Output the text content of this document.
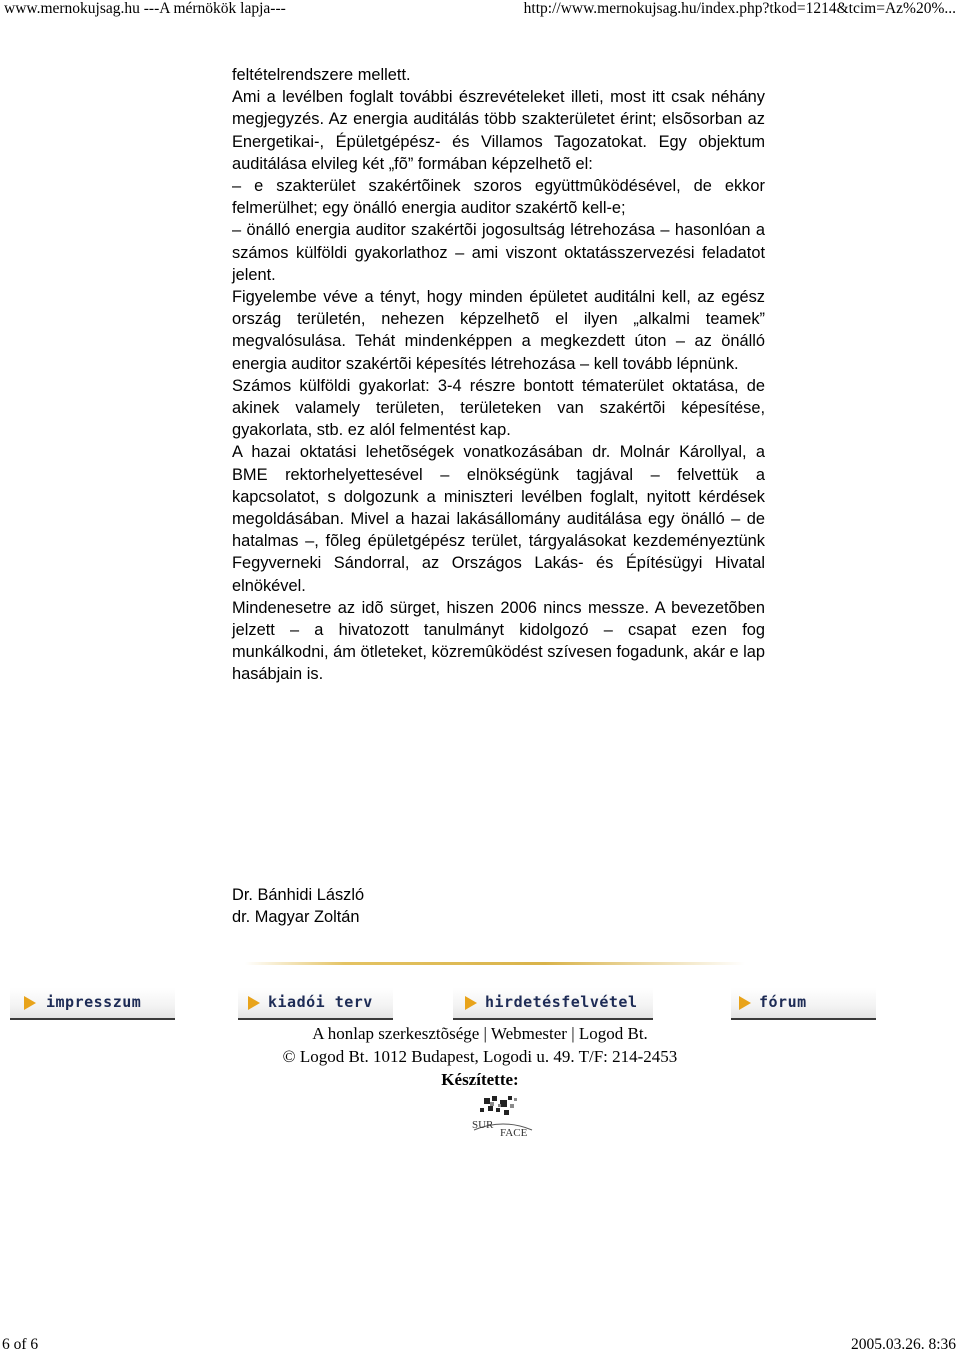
www.mernokujsag.hu ---A mérnökök lapja---	http://www.mernokujsag.hu/index.php?tkod=1214&tcim=Az%20%...

feltételrendszere mellett.

Ami a levélben foglalt további észrevételeket illeti, most itt csak néhány megjegyzés. Az energia auditálás több szakterületet érint; elsõsorban az Energetikai-, Épületgépész- és Villamos Tagozatokat. Egy objektum auditálása elvileg két „fõ” formában képzelhetõ el:

– e szakterület szakértõinek szoros együttmûködésével, de ekkor felmerülhet; egy önálló energia auditor szakértõ kell-e;

– önálló energia auditor szakértõi jogosultság létrehozása – hasonlóan a számos külföldi gyakorlathoz – ami viszont oktatásszervezési feladatot jelent.

Figyelembe véve a tényt, hogy minden épületet auditálni kell, az egész ország területén, nehezen képzelhetõ el ilyen „alkalmi teamek” megvalósulása. Tehát mindenképpen a megkezdett úton – az önálló energia auditor szakértõi képesítés létrehozása – kell tovább lépnünk.

Számos külföldi gyakorlat: 3-4 részre bontott tématerület oktatása, de akinek valamely területen, területeken van szakértõi képesítése, gyakorlata, stb. ez alól felmentést kap.

A hazai oktatási lehetõségek vonatkozásában dr. Molnár Károllyal, a BME rektorhelyettesével – elnökségünk tagjával – felvettük a kapcsolatot, s dolgozunk a miniszteri levélben foglalt, nyitott kérdések megoldásában. Mivel a hazai lakásállomány auditálása egy önálló – de hatalmas –, fõleg épületgépész terület, tárgyalásokat kezdeményeztünk Fegyverneki Sándorral, az Országos Lakás- és Építésügyi Hivatal elnökével.

Mindenesetre az idõ sürget, hiszen 2006 nincs messze. A bevezetõben jelzett – a hivatozott tanulmányt kidolgozó – csapat ezen fog munkálkodni, ám ötleteket, közremûködést szívesen fogadunk, akár e lap hasábjain is.

Dr. Bánhidi László
dr. Magyar Zoltán
impresszum	kiadói terv	hirdetésfelvétel	fórum
A honlap szerkesztõsége | Webmester | Logod Bt.
© Logod Bt. 1012 Budapest, Logodi u. 49. T/F: 214-2453
Készítette:
SUR
FACE
6 of 6	2005.03.26. 8:36
